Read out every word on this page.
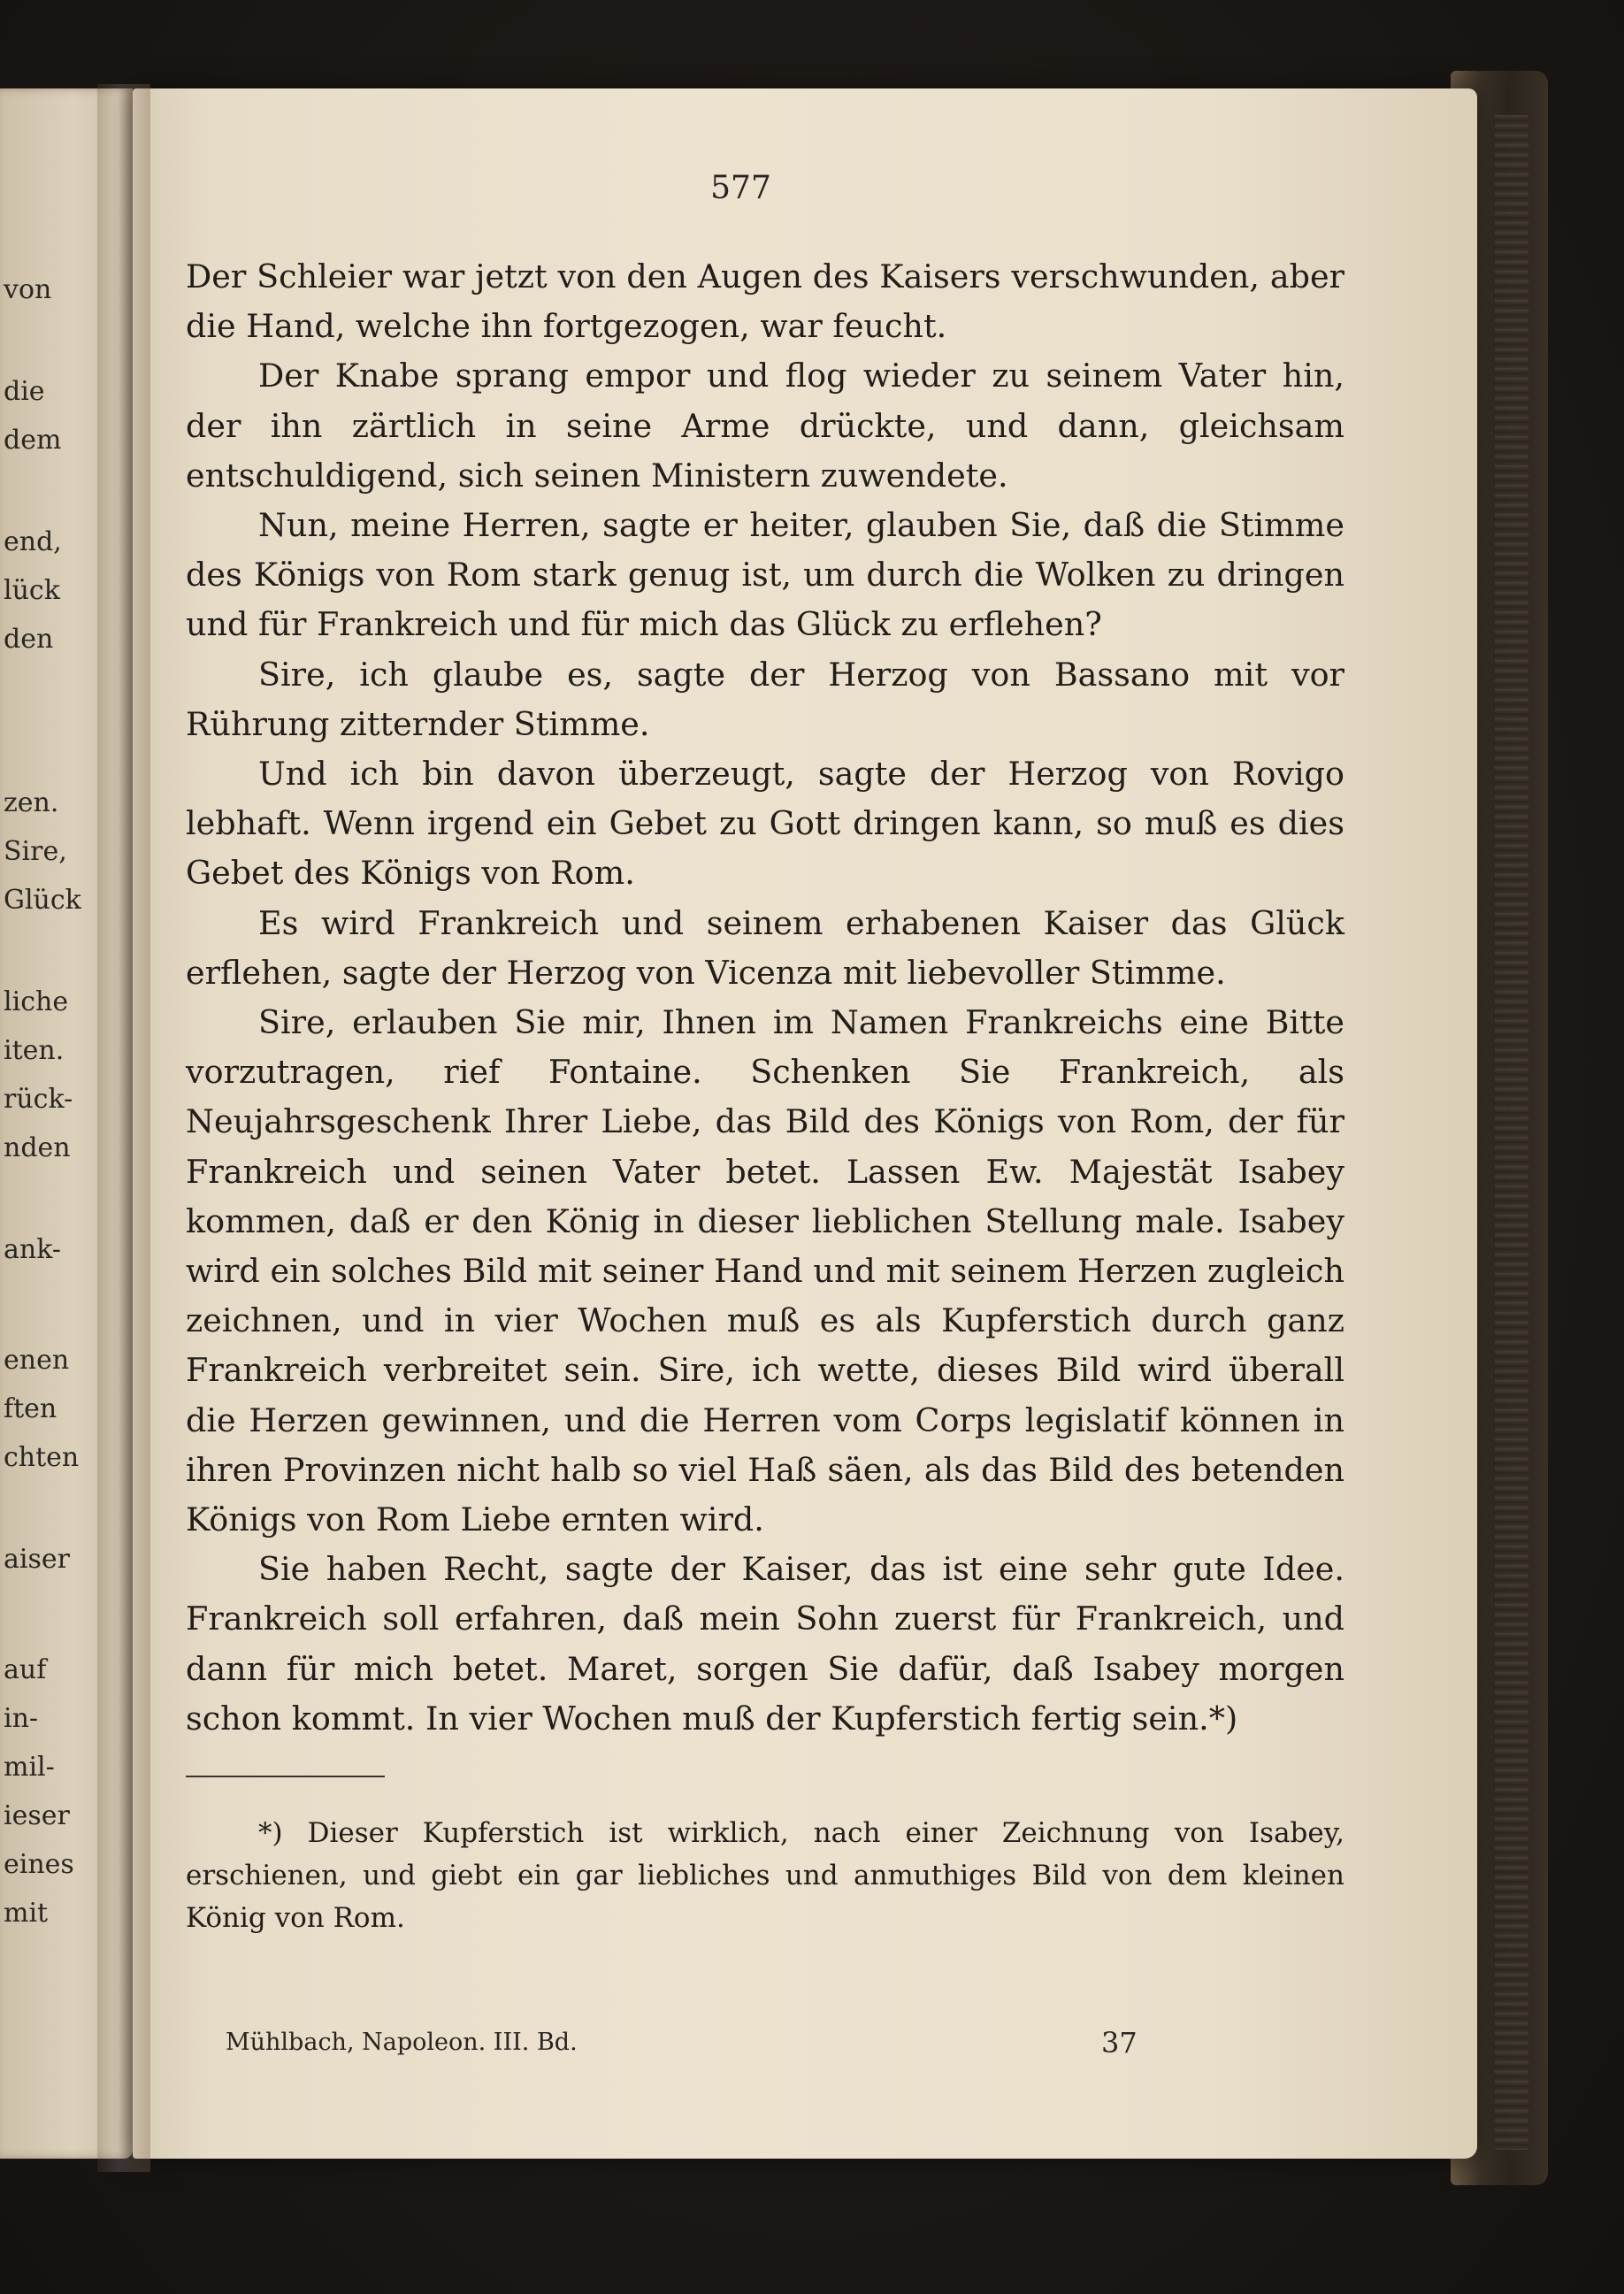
von
die
dem
end,
lück
den
zen.
Sire,
Glück
liche
iten.
rück-
nden
ank-
enen
ften
chten
aiser
auf
in-
mil-
ieser
eines
mit
577

Der Schleier war jetzt von den Augen des Kaisers verschwunden, aber die Hand, welche ihn fortgezogen, war feucht.

Der Knabe sprang empor und flog wieder zu seinem Vater hin, der ihn zärtlich in seine Arme drückte, und dann, gleichsam entschuldigend, sich seinen Ministern zuwendete.

Nun, meine Herren, sagte er heiter, glauben Sie, daß die Stimme des Königs von Rom stark genug ist, um durch die Wolken zu dringen und für Frankreich und für mich das Glück zu erflehen?

Sire, ich glaube es, sagte der Herzog von Bassano mit vor Rührung zitternder Stimme.

Und ich bin davon überzeugt, sagte der Herzog von Rovigo lebhaft. Wenn irgend ein Gebet zu Gott dringen kann, so muß es dies Gebet des Königs von Rom.

Es wird Frankreich und seinem erhabenen Kaiser das Glück erflehen, sagte der Herzog von Vicenza mit liebevoller Stimme.

Sire, erlauben Sie mir, Ihnen im Namen Frankreichs eine Bitte vorzutragen, rief Fontaine. Schenken Sie Frankreich, als Neujahrsgeschenk Ihrer Liebe, das Bild des Königs von Rom, der für Frankreich und seinen Vater betet. Lassen Ew. Majestät Isabey kommen, daß er den König in dieser lieblichen Stellung male. Isabey wird ein solches Bild mit seiner Hand und mit seinem Herzen zugleich zeichnen, und in vier Wochen muß es als Kupferstich durch ganz Frankreich verbreitet sein. Sire, ich wette, dieses Bild wird überall die Herzen gewinnen, und die Herren vom Corps legislatif können in ihren Provinzen nicht halb so viel Haß säen, als das Bild des betenden Königs von Rom Liebe ernten wird.

Sie haben Recht, sagte der Kaiser, das ist eine sehr gute Idee. Frankreich soll erfahren, daß mein Sohn zuerst für Frankreich, und dann für mich betet. Maret, sorgen Sie dafür, daß Isabey morgen schon kommt. In vier Wochen muß der Kupferstich fertig sein.*)

*) Dieser Kupferstich ist wirklich, nach einer Zeichnung von Isabey, erschienen, und giebt ein gar liebliches und anmuthiges Bild von dem kleinen König von Rom.

Mühlbach, Napoleon. III. Bd.	37
